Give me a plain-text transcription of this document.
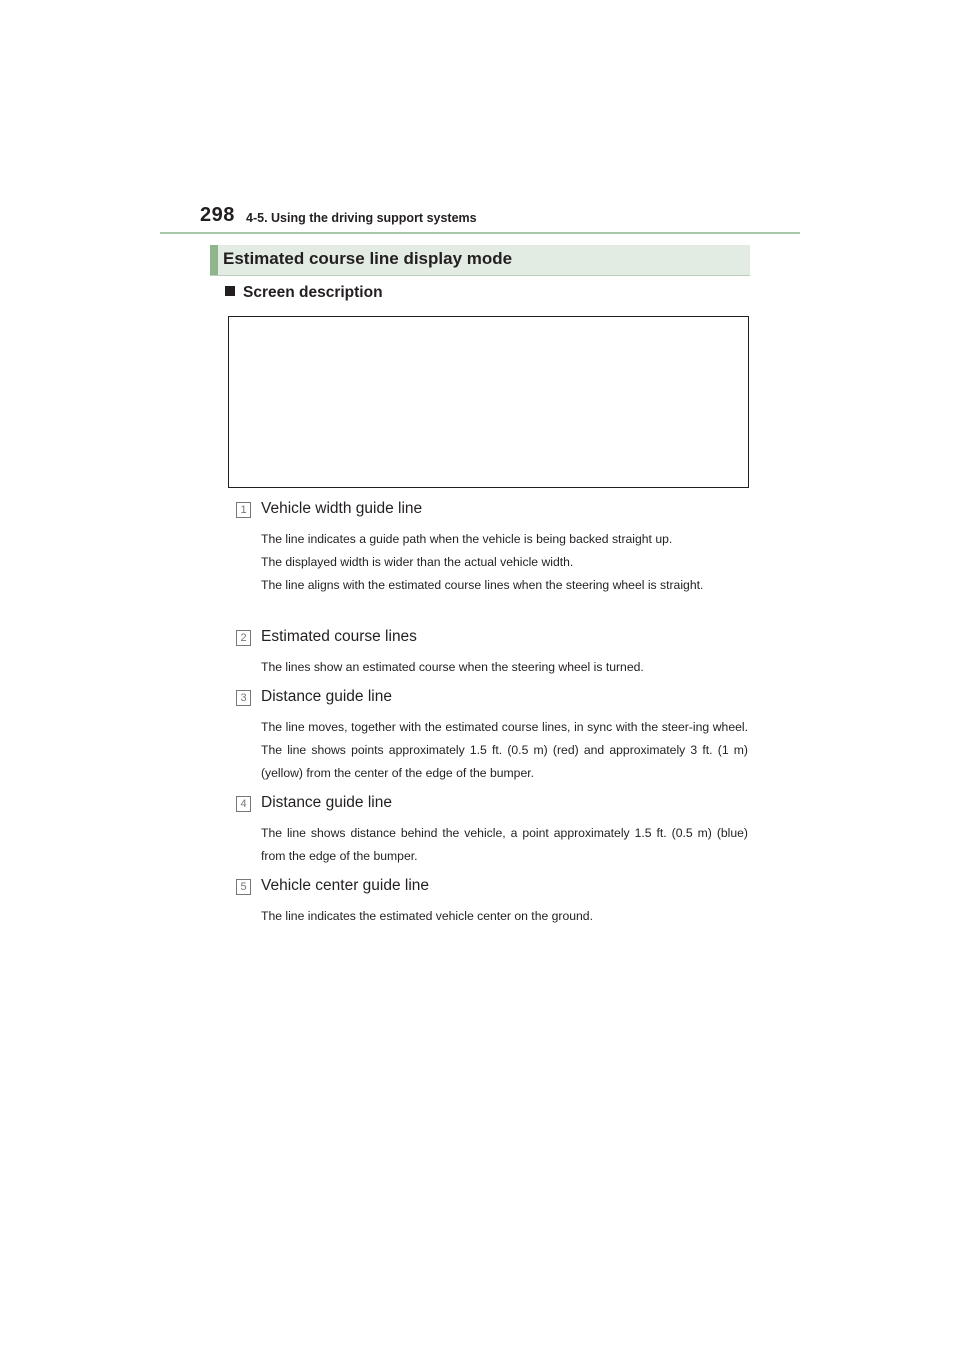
298 4-5. Using the driving support systems
Estimated course line display mode
Screen description
1 Vehicle width guide line

The line indicates a guide path when the vehicle is being backed straight up.

The displayed width is wider than the actual vehicle width.

The line aligns with the estimated course lines when the steering wheel is straight.

2 Estimated course lines

The lines show an estimated course when the steering wheel is turned.

3 Distance guide line

The line moves, together with the estimated course lines, in sync with the steer-ing wheel. The line shows points approximately 1.5 ft. (0.5 m) (red) and approximately 3 ft. (1 m) (yellow) from the center of the edge of the bumper.

4 Distance guide line

The line shows distance behind the vehicle, a point approximately 1.5 ft. (0.5 m) (blue) from the edge of the bumper.

5 Vehicle center guide line

The line indicates the estimated vehicle center on the ground.
